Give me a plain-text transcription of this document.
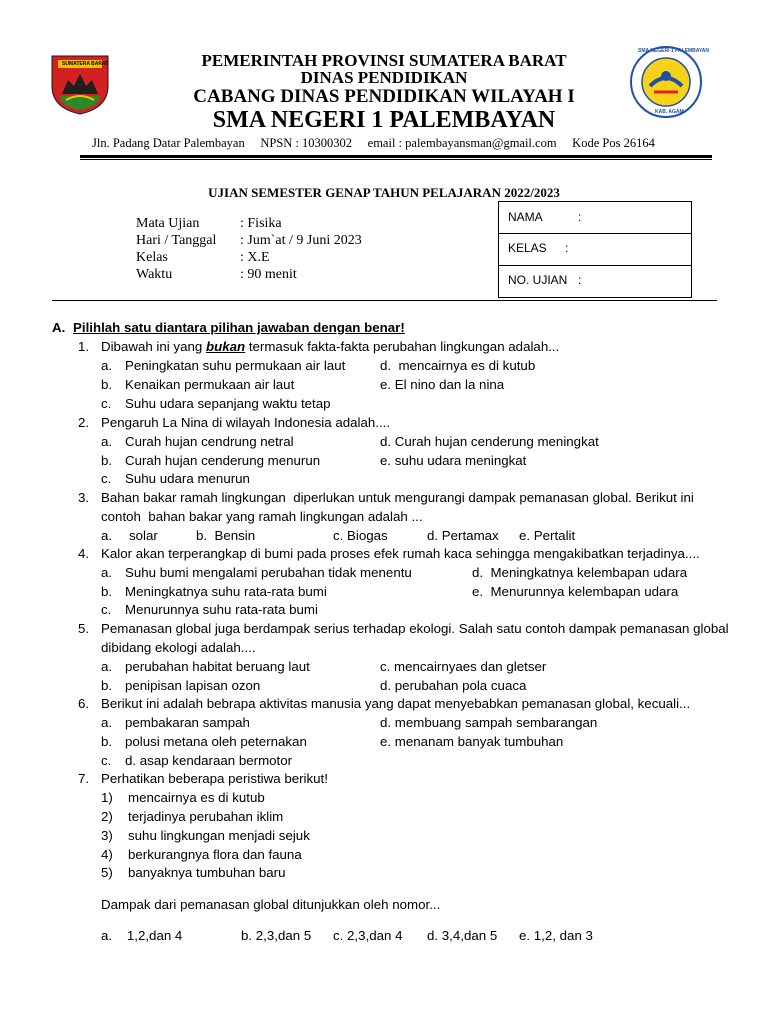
SUMATERA BARAT	PEMERINTAH PROVINSI SUMATERA BARAT
DINAS PENDIDIKAN
CABANG DINAS PENDIDIKAN WILAYAH I
SMA NEGERI 1 PALEMBAYAN
Jln. Padang Datar Palembayan     NPSN : 10300302     email : palembayansman@gmail.com     Kode Pos 26164
SMA NEGERI 1 PALEMBAYAN
KAB. AGAM
UJIAN SEMESTER GENAP TAHUN PELAJARAN 2022/2023
Mata Ujian	: Fisika
Hari / Tanggal : Jum`at / 9 Juni 2023
Kelas	: X.E
Waktu	: 90 menit
NAMA	:
KELAS :
NO. UJIAN :
A. Pilihlah satu diantara pilihan jawaban dengan benar!
1. Dibawah ini yang bukan termasuk fakta-fakta perubahan lingkungan adalah...
a. Peningkatan suhu permukaan air laut	d.  mencairnya es di kutub
b. Kenaikan permukaan air laut	e. El nino dan la nina
c. Suhu udara sepanjang waktu tetap
2. Pengaruh La Nina di wilayah Indonesia adalah....
a. Curah hujan cendrung netral	d. Curah hujan cenderung meningkat
b. Curah hujan cenderung menurun	e. suhu udara meningkat
c. Suhu udara menurun
3. Bahan bakar ramah lingkungan  diperlukan untuk mengurangi dampak pemanasan global. Berikut ini
contoh  bahan bakar yang ramah lingkungan adalah ...
a. solar	b.  Bensin	c. Biogas	d. Pertamax e. Pertalit
4. Kalor akan terperangkap di bumi pada proses efek rumah kaca sehingga mengakibatkan terjadinya....
a. Suhu bumi mengalami perubahan tidak menentu	d.  Meningkatnya kelembapan udara
b. Meningkatnya suhu rata-rata bumi	e.  Menurunnya kelembapan udara
c. Menurunnya suhu rata-rata bumi
5. Pemanasan global juga berdampak serius terhadap ekologi. Salah satu contoh dampak pemanasan global
dibidang ekologi adalah....
a. perubahan habitat beruang laut	c. mencairnyaes dan gletser
b. penipisan lapisan ozon	d. perubahan pola cuaca
6. Berikut ini adalah bebrapa aktivitas manusia yang dapat menyebabkan pemanasan global, kecuali...
a. pembakaran sampah	d. membuang sampah sembarangan
b. polusi metana oleh peternakan	e. menanam banyak tumbuhan
c. d. asap kendaraan bermotor
7. Perhatikan beberapa peristiwa berikut!
1) mencairnya es di kutub
2) terjadinya perubahan iklim
3) suhu lingkungan menjadi sejuk
4) berkurangnya flora dan fauna
5) banyaknya tumbuhan baru
Dampak dari pemanasan global ditunjukkan oleh nomor...
a.    1,2,dan 4	b. 2,3,dan 5 c. 2,3,dan 4 d. 3,4,dan 5 e. 1,2, dan 3
